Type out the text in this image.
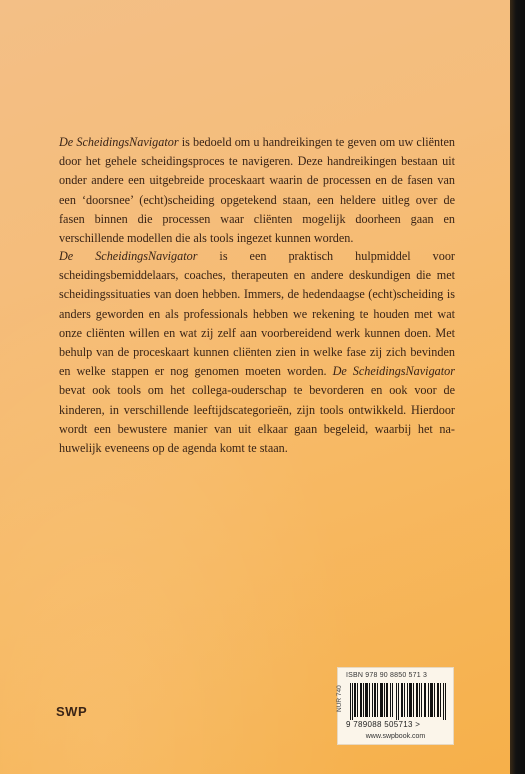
De ScheidingsNavigator is bedoeld om u handreikingen te geven om uw cliënten door het gehele scheidingsproces te navigeren. Deze handreikingen bestaan uit onder andere een uitgebreide proceskaart waarin de processen en de fasen van een ‘doorsnee’ (echt)scheiding opgetekend staan, een heldere uitleg over de fasen binnen die processen waar cliënten mogelijk doorheen gaan en verschillende modellen die als tools ingezet kunnen worden.

De ScheidingsNavigator is een praktisch hulpmiddel voor scheidingsbemiddelaars, coaches, therapeuten en andere deskundigen die met scheidingssituaties van doen hebben. Immers, de hedendaagse (echt)scheiding is anders geworden en als professionals hebben we rekening te houden met wat onze cliënten willen en wat zij zelf aan voorbereidend werk kunnen doen. Met behulp van de proceskaart kunnen cliënten zien in welke fase zij zich bevinden en welke stappen er nog genomen moeten worden. De ScheidingsNavigator bevat ook tools om het collega-ouderschap te bevorderen en ook voor de kinderen, in verschillende leeftijdscategorieën, zijn tools ontwikkeld. Hierdoor wordt een bewustere manier van uit elkaar gaan begeleid, waarbij het na-huwelijk eveneens op de agenda komt te staan.

SWP
ISBN 978 90 8850 571 3
NUR 740
9 789088 505713 >
www.swpbook.com
